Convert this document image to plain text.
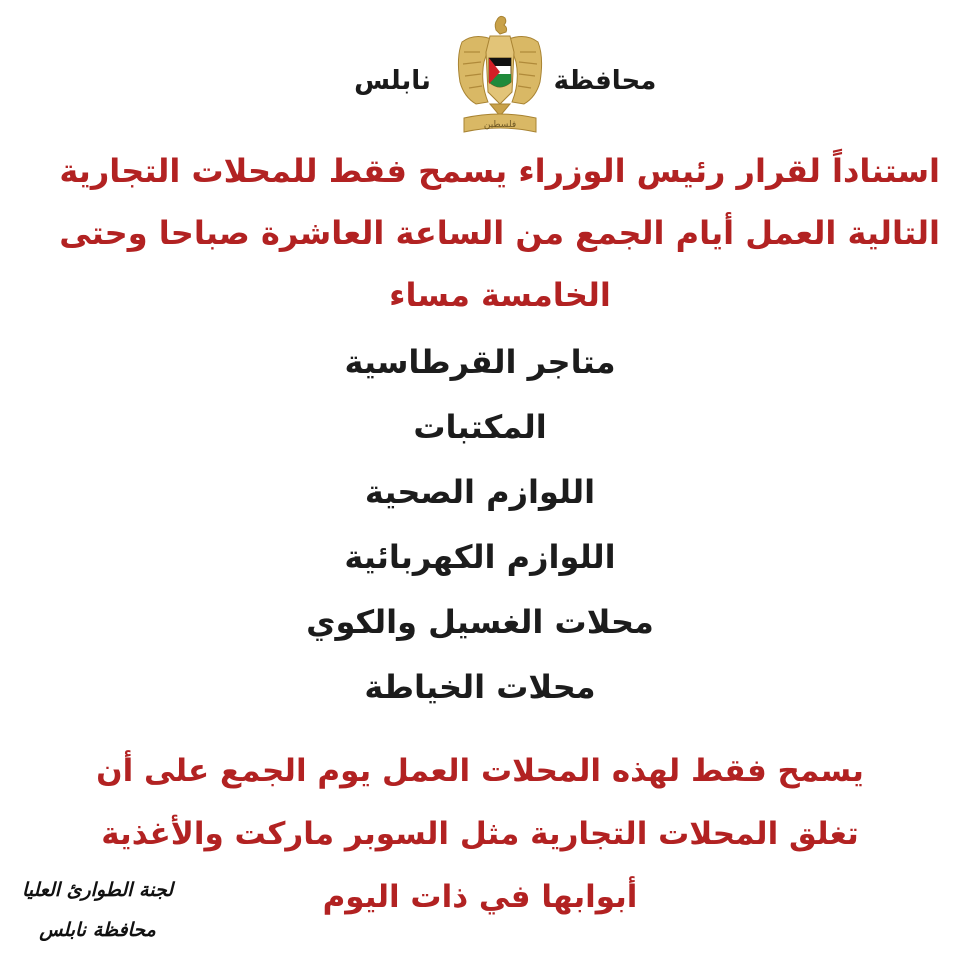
محافظة
فلسطين
نابلس
استناداً لقرار رئيس الوزراء يسمح فقط للمحلات التجارية
التالية العمل أيام الجمع من الساعة العاشرة صباحا وحتى
الخامسة مساء
متاجر القرطاسية
المكتبات
اللوازم الصحية
اللوازم الكهربائية
محلات الغسيل والكوي
محلات الخياطة
يسمح فقط لهذه المحلات العمل يوم الجمع على أن
تغلق المحلات التجارية مثل السوبر ماركت والأغذية
أبوابها في ذات اليوم
لجنة الطوارئ العليا
محافظة نابلس
